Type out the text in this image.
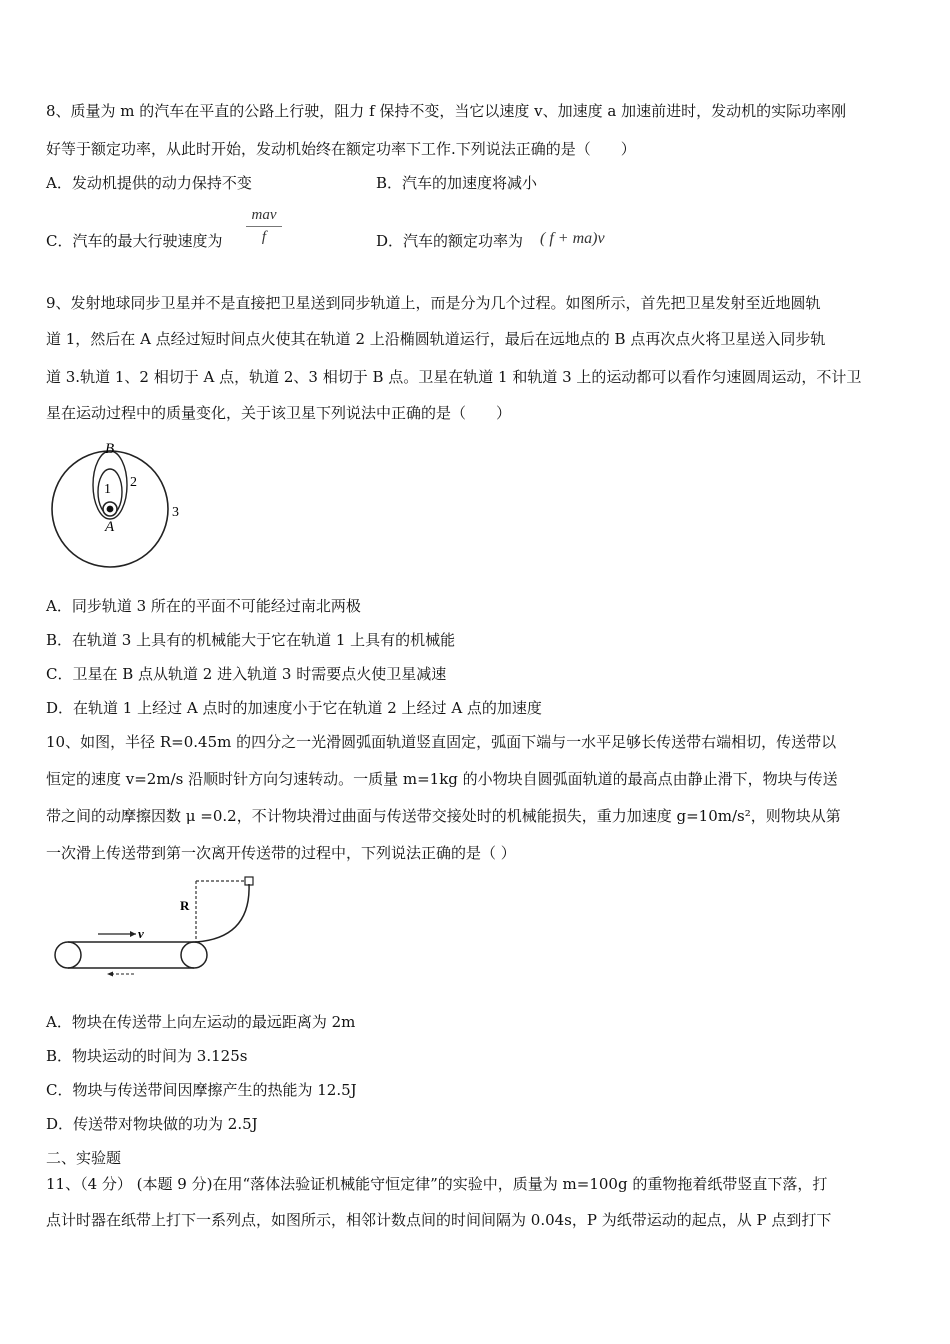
8、质量为 m 的汽车在平直的公路上行驶，阻力 f 保持不变，当它以速度 v、加速度 a 加速前进时，发动机的实际功率刚
好等于额定功率，从此时开始，发动机始终在额定功率下工作.下列说法正确的是（　　）
A．发动机提供的动力保持不变	B．汽车的加速度将减小
C．汽车的最大行驶速度为
mav
f	D．汽车的额定功率为 ( f + ma)v
9、发射地球同步卫星并不是直接把卫星送到同步轨道上，而是分为几个过程。如图所示，首先把卫星发射至近地圆轨
道 1，然后在 A 点经过短时间点火使其在轨道 2 上沿椭圆轨道运行，最后在远地点的 B 点再次点火将卫星送入同步轨
道 3.轨道 1、2 相切于 A 点，轨道 2、3 相切于 B 点。卫星在轨道 1 和轨道 3 上的运动都可以看作匀速圆周运动，不计卫
星在运动过程中的质量变化，关于该卫星下列说法中正确的是（　　）
B
1 2
A
3
A．同步轨道 3 所在的平面不可能经过南北两极
B．在轨道 3 上具有的机械能大于它在轨道 1 上具有的机械能
C．卫星在 B 点从轨道 2 进入轨道 3 时需要点火使卫星减速
D．在轨道 1 上经过 A 点时的加速度小于它在轨道 2 上经过 A 点的加速度
10、如图，半径 R=0.45m 的四分之一光滑圆弧面轨道竖直固定，弧面下端与一水平足够长传送带右端相切，传送带以
恒定的速度 v=2m/s 沿顺时针方向匀速转动。一质量 m=1kg 的小物块自圆弧面轨道的最高点由静止滑下，物块与传送
带之间的动摩擦因数 μ =0.2，不计物块滑过曲面与传送带交接处时的机械能损失，重力加速度 g=10m/s²，则物块从第
一次滑上传送带到第一次离开传送带的过程中，下列说法正确的是（ ）
R
v
A．物块在传送带上向左运动的最远距离为 2m
B．物块运动的时间为 3.125s
C．物块与传送带间因摩擦产生的热能为 12.5J
D．传送带对物块做的功为 2.5J
二、实验题
11、（4 分） (本题 9 分)在用“落体法验证机械能守恒定律”的实验中，质量为 m=100g 的重物拖着纸带竖直下落，打
点计时器在纸带上打下一系列点，如图所示，相邻计数点间的时间间隔为 0.04s，P 为纸带运动的起点，从 P 点到打下
